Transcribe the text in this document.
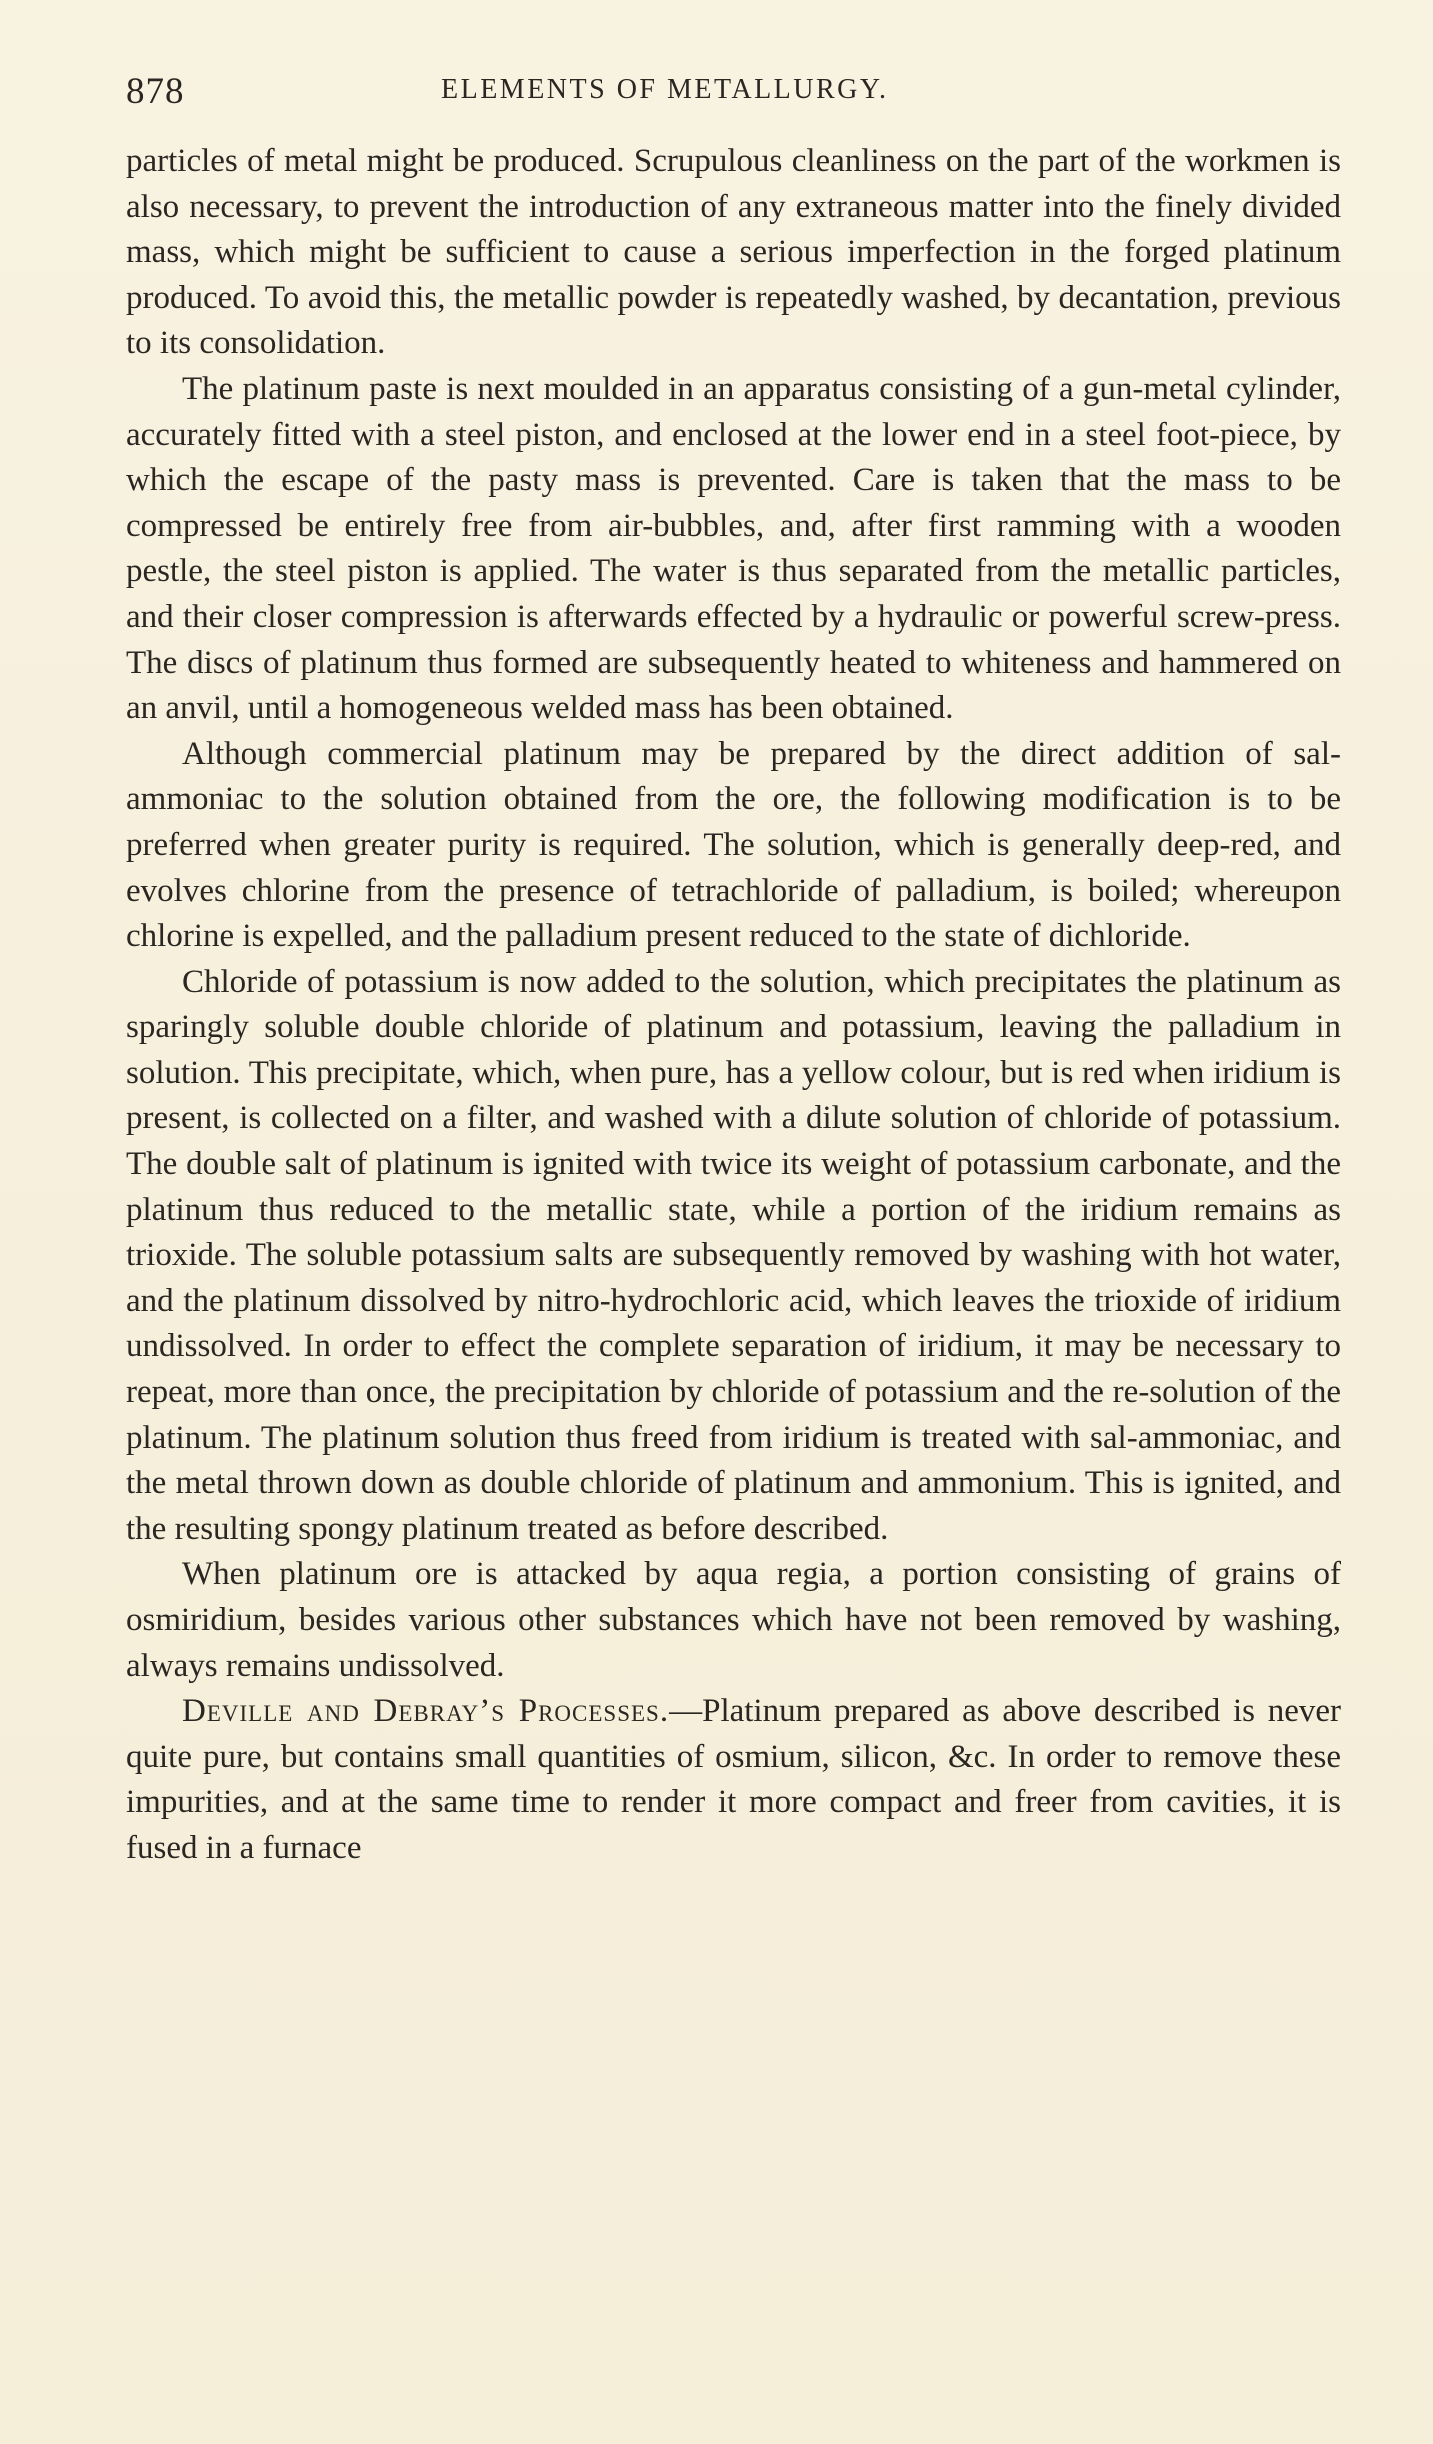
878	ELEMENTS OF METALLURGY.

particles of metal might be produced. Scrupulous cleanliness on the part of the workmen is also necessary, to prevent the introduction of any extraneous matter into the finely divided mass, which might be sufficient to cause a serious imperfection in the forged platinum produced. To avoid this, the metallic powder is repeatedly washed, by decantation, previous to its consolidation.

The platinum paste is next moulded in an apparatus consisting of a gun-metal cylinder, accurately fitted with a steel piston, and enclosed at the lower end in a steel foot-piece, by which the escape of the pasty mass is prevented. Care is taken that the mass to be compressed be entirely free from air-bubbles, and, after first ramming with a wooden pestle, the steel piston is applied. The water is thus separated from the metallic particles, and their closer compression is afterwards effected by a hydraulic or powerful screw-press. The discs of platinum thus formed are subsequently heated to whiteness and hammered on an anvil, until a homogeneous welded mass has been obtained.

Although commercial platinum may be prepared by the direct addition of sal-ammoniac to the solution obtained from the ore, the following modification is to be preferred when greater purity is required. The solution, which is generally deep-red, and evolves chlorine from the presence of tetrachloride of palladium, is boiled; whereupon chlorine is expelled, and the palladium present reduced to the state of dichloride.

Chloride of potassium is now added to the solution, which precipitates the platinum as sparingly soluble double chloride of platinum and potassium, leaving the palladium in solution. This precipitate, which, when pure, has a yellow colour, but is red when iridium is present, is collected on a filter, and washed with a dilute solution of chloride of potassium. The double salt of platinum is ignited with twice its weight of potassium carbonate, and the platinum thus reduced to the metallic state, while a portion of the iridium remains as trioxide. The soluble potassium salts are subsequently removed by washing with hot water, and the platinum dissolved by nitro-hydrochloric acid, which leaves the trioxide of iridium undissolved. In order to effect the complete separation of iridium, it may be necessary to repeat, more than once, the precipitation by chloride of potassium and the re-solution of the platinum. The platinum solution thus freed from iridium is treated with sal-ammoniac, and the metal thrown down as double chloride of platinum and ammonium. This is ignited, and the resulting spongy platinum treated as before described.

When platinum ore is attacked by aqua regia, a portion consisting of grains of osmiridium, besides various other substances which have not been removed by washing, always remains undissolved.

Deville and Debray’s Processes.—Platinum prepared as above described is never quite pure, but contains small quantities of osmium, silicon, &c. In order to remove these impurities, and at the same time to render it more compact and freer from cavities, it is fused in a furnace
